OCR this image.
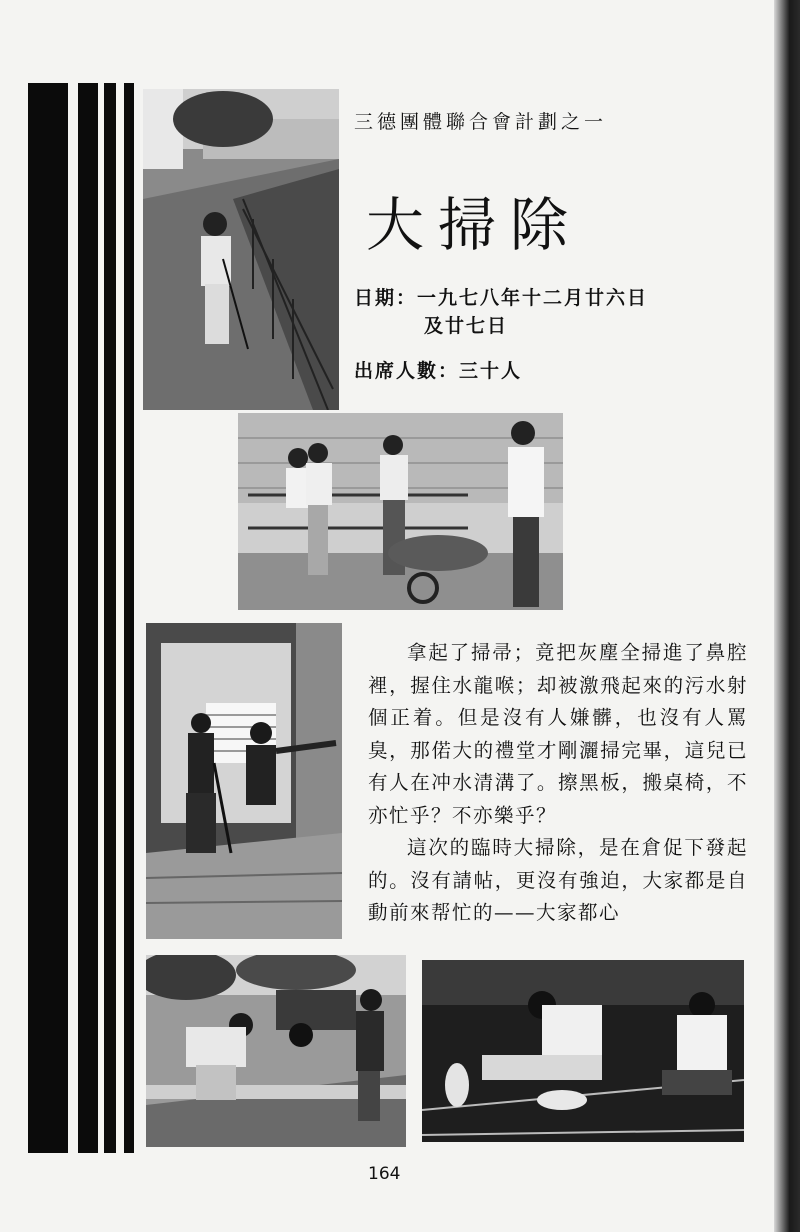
三德團體聯合會計劃之一
大掃除
日期：一九七八年十二月廿六日
及廿七日
出席人數：三十人

拿起了掃帚；竟把灰塵全掃進了鼻腔裡，握住水龍喉；却被激飛起來的污水射個正着。但是沒有人嫌髒，也沒有人罵臭，那偌大的禮堂才剛灑掃完畢，這兒已有人在冲水清溝了。擦黑板，搬桌椅，不亦忙乎？不亦樂乎？

這次的臨時大掃除，是在倉促下發起的。沒有請帖，更沒有強迫，大家都是自動前來帮忙的——大家都心

164
